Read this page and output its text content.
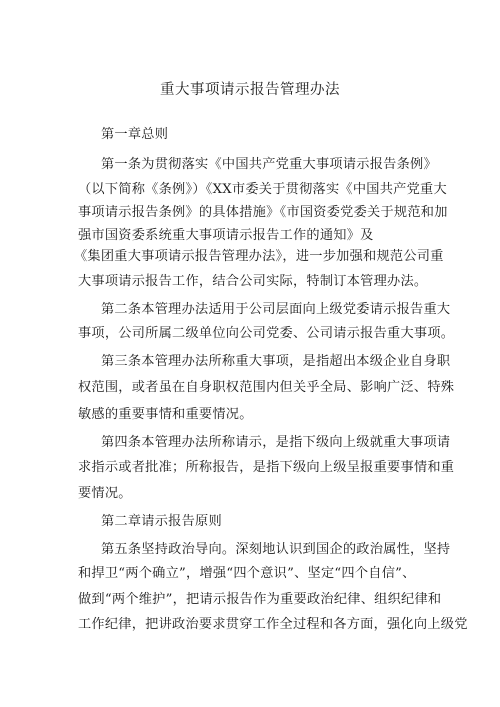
重大事项请示报告管理办法
第一章总则
第一条为贯彻落实《中国共产党重大事项请示报告条例》
（以下简称《条例》）《XX市委关于贯彻落实《中国共产党重大
事项请示报告条例》的具体措施》《市国资委党委关于规范和加
强市国资委系统重大事项请示报告工作的通知》及
《集团重大事项请示报告管理办法》，进一步加强和规范公司重
大事项请示报告工作，结合公司实际，特制订本管理办法。
第二条本管理办法适用于公司层面向上级党委请示报告重大
事项，公司所属二级单位向公司党委、公司请示报告重大事项。
第三条本管理办法所称重大事项，是指超出本级企业自身职
权范围，或者虽在自身职权范围内但关乎全局、影响广泛、特殊
敏感的重要事情和重要情况。
第四条本管理办法所称请示，是指下级向上级就重大事项请
求指示或者批准；所称报告，是指下级向上级呈报重要事情和重
要情况。
第二章请示报告原则
第五条坚持政治导向。深刻地认识到国企的政治属性，坚持
和捍卫“两个确立”，增强“四个意识”、坚定“四个自信”、
做到“两个维护”，把请示报告作为重要政治纪律、组织纪律和
工作纪律，把讲政治要求贯穿工作全过程和各方面，强化向上级党
